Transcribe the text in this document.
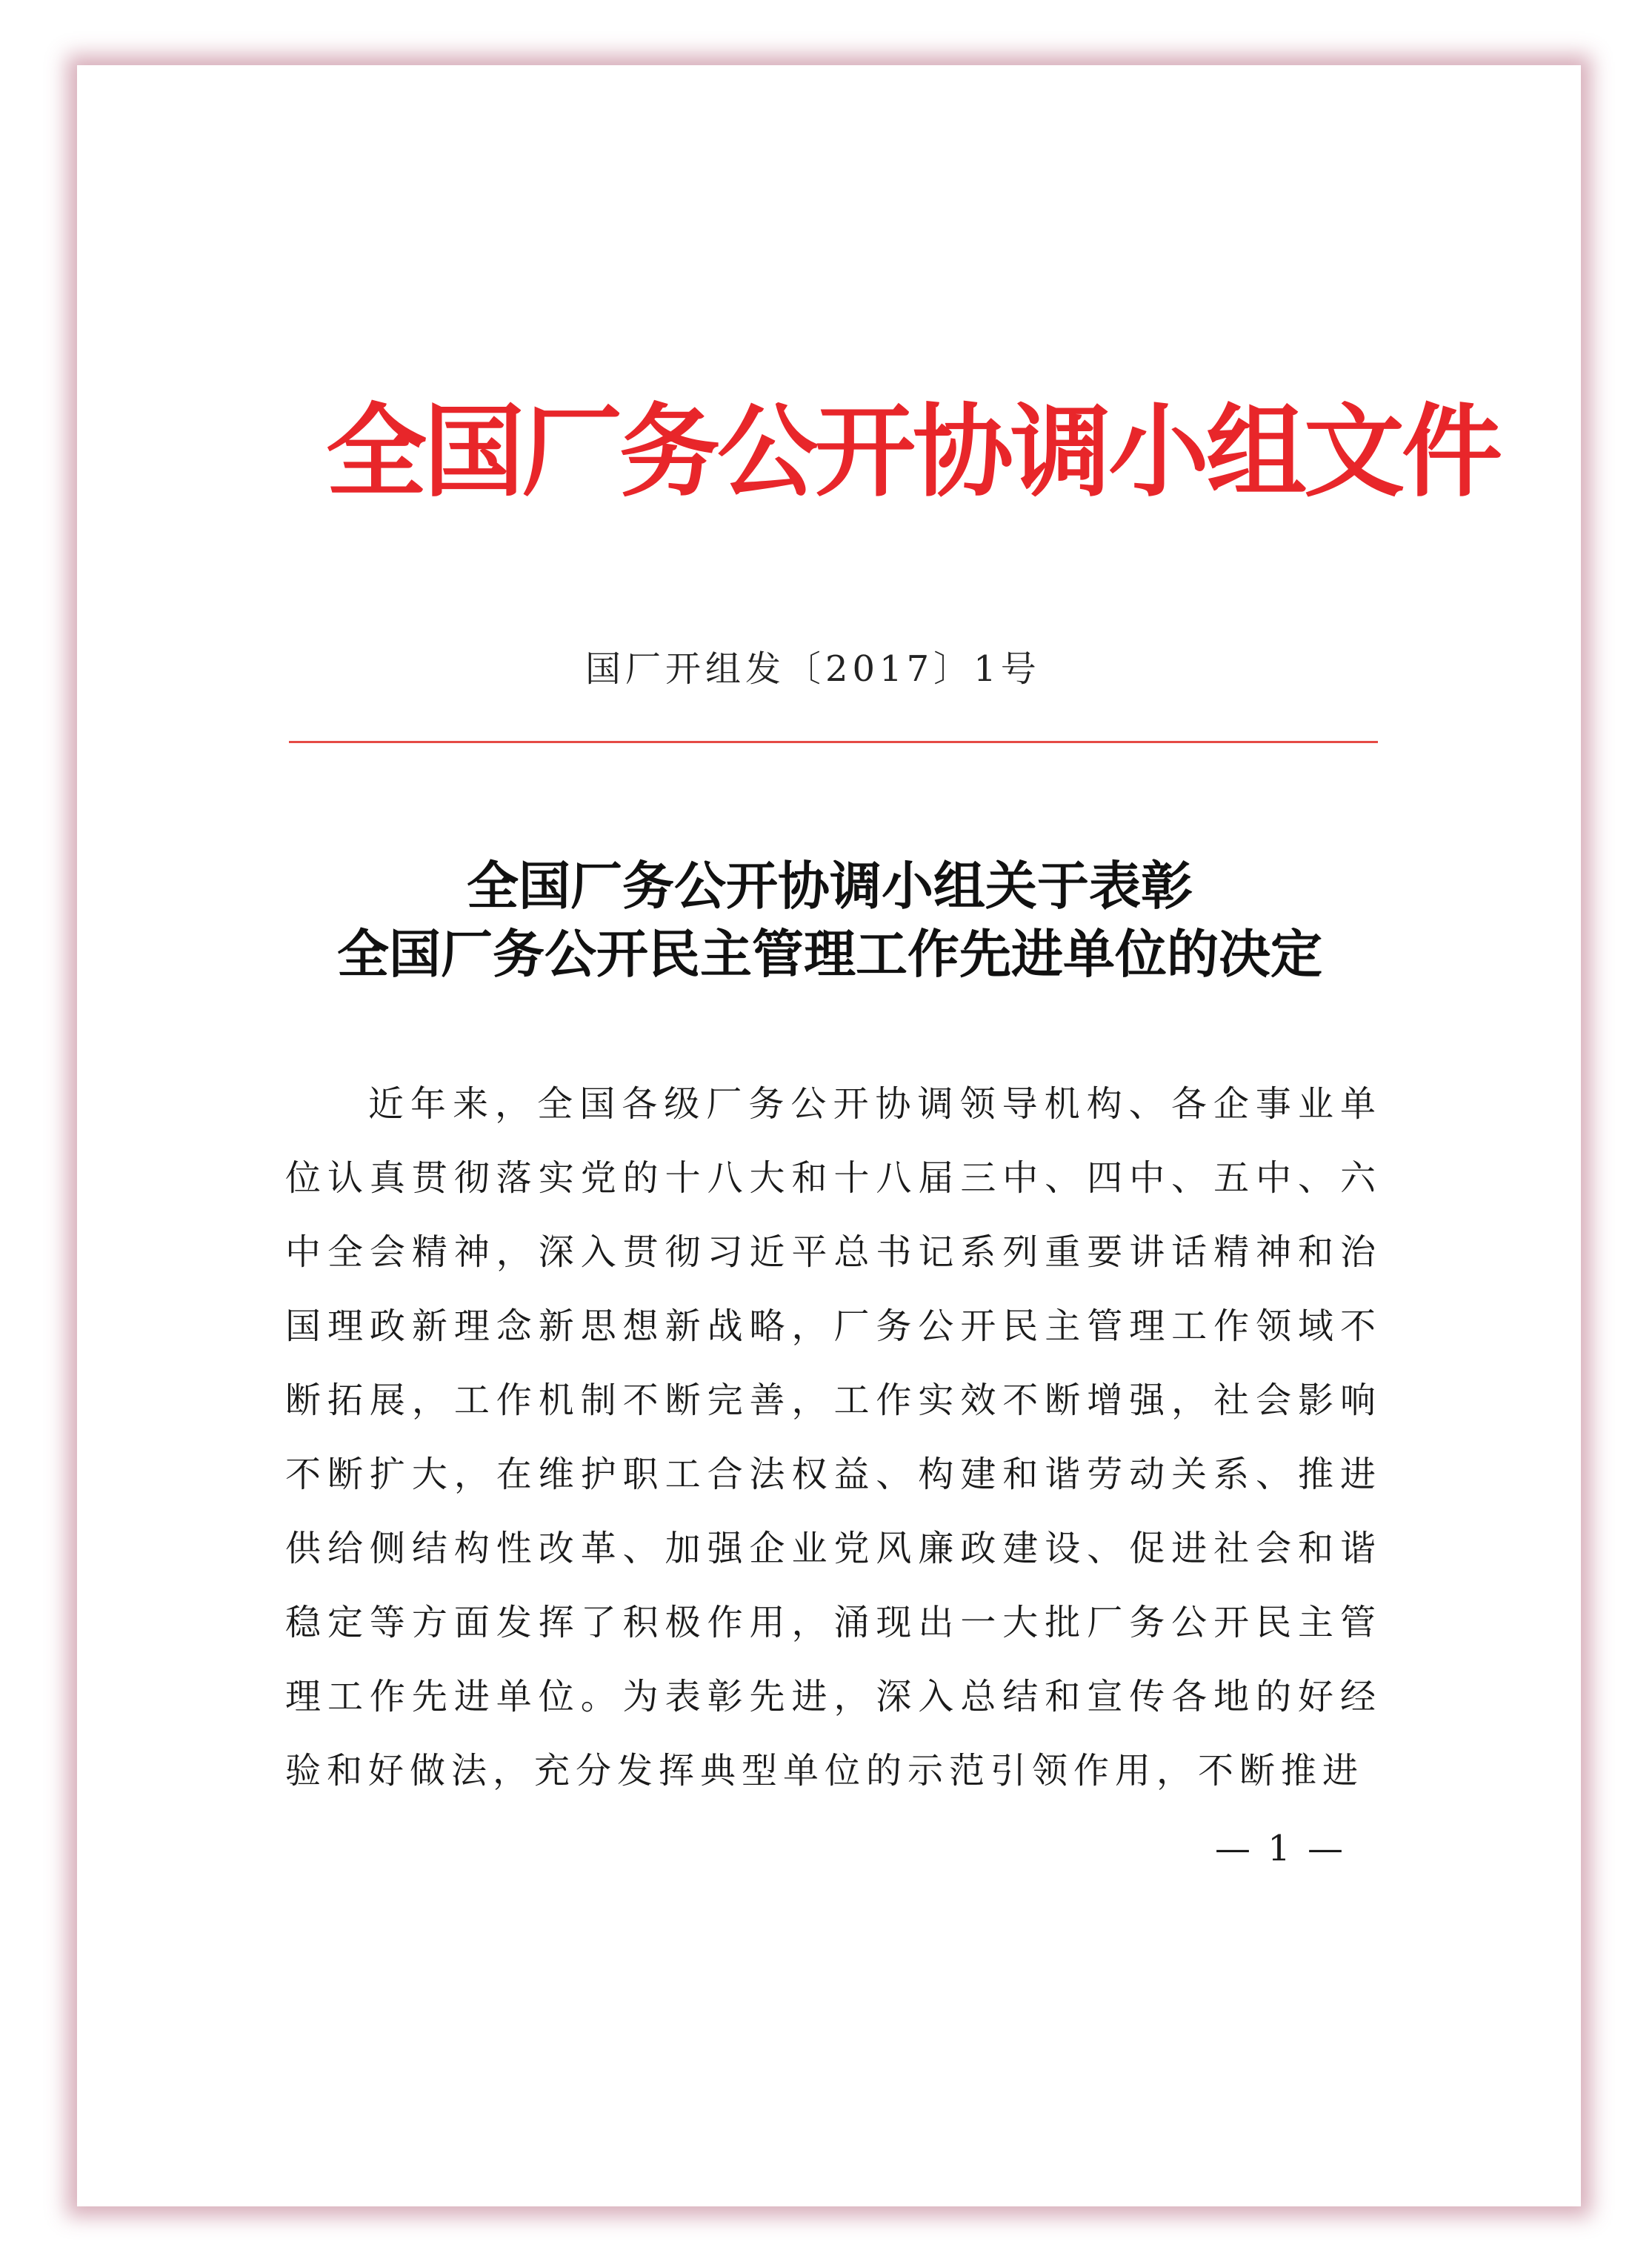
全国厂务公开协调小组文件
国厂开组发〔2017〕1号
全国厂务公开协调小组关于表彰
全国厂务公开民主管理工作先进单位的决定

近年来，全国各级厂务公开协调领导机构、各企事业单位认真贯彻落实党的十八大和十八届三中、四中、五中、六中全会精神，深入贯彻习近平总书记系列重要讲话精神和治国理政新理念新思想新战略，厂务公开民主管理工作领域不断拓展，工作机制不断完善，工作实效不断增强，社会影响不断扩大，在维护职工合法权益、构建和谐劳动关系、推进供给侧结构性改革、加强企业党风廉政建设、促进社会和谐稳定等方面发挥了积极作用，涌现出一大批厂务公开民主管理工作先进单位。为表彰先进，深入总结和宣传各地的好经验和好做法，充分发挥典型单位的示范引领作用，不断推进

— 1 —
